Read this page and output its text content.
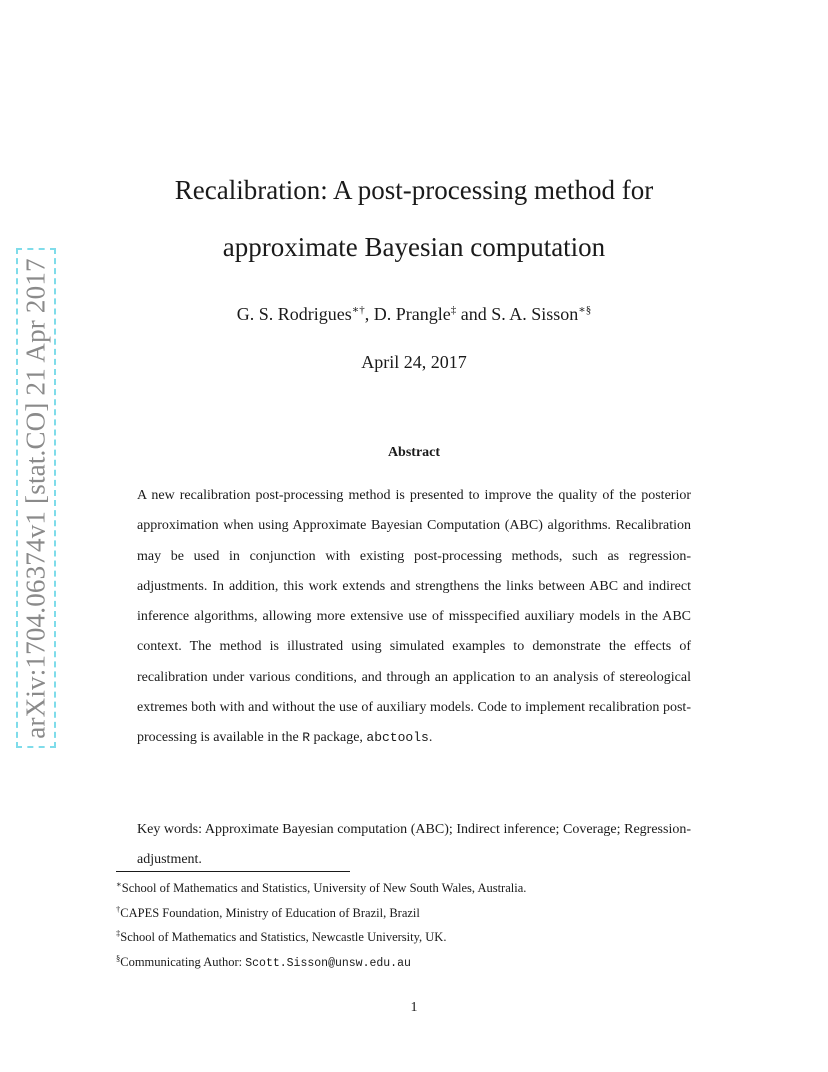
arXiv:1704.06374v1 [stat.CO] 21 Apr 2017
Recalibration: A post-processing method for
approximate Bayesian computation
G. S. Rodrigues∗†, D. Prangle‡ and S. A. Sisson∗§
April 24, 2017
Abstract

A new recalibration post-processing method is presented to improve the quality of the posterior approximation when using Approximate Bayesian Computation (ABC) algorithms. Recalibration may be used in conjunction with existing post-processing methods, such as regression-adjustments. In addition, this work extends and strengthens the links between ABC and indirect inference algorithms, allowing more extensive use of misspecified auxiliary models in the ABC context. The method is illustrated using simulated examples to demonstrate the effects of recalibration under various conditions, and through an application to an analysis of stereological extremes both with and without the use of auxiliary models. Code to implement recalibration post-processing is available in the R package, abctools.

Key words: Approximate Bayesian computation (ABC); Indirect inference; Coverage; Regression-adjustment.

∗School of Mathematics and Statistics, University of New South Wales, Australia.
†CAPES Foundation, Ministry of Education of Brazil, Brazil
‡School of Mathematics and Statistics, Newcastle University, UK.
§Communicating Author: Scott.Sisson@unsw.edu.au
1
